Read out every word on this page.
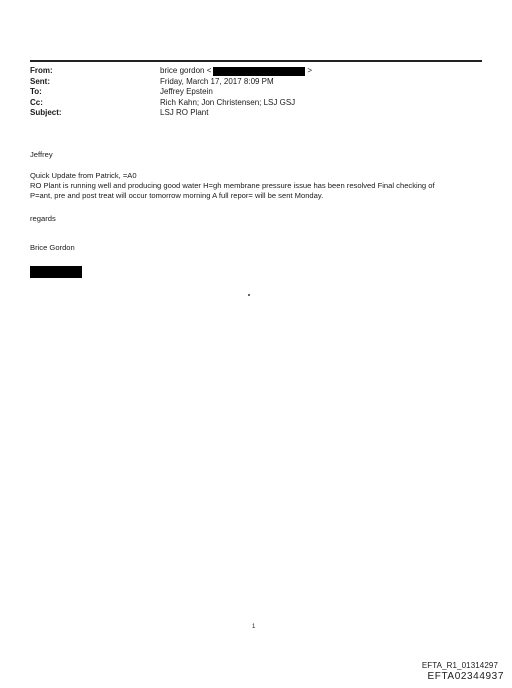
From:	brice gordon <	>
Sent:	Friday, March 17, 2017 8:09 PM
To:	Jeffrey Epstein
Cc:	Rich Kahn; Jon Christensen; LSJ GSJ
Subject:	LSJ RO Plant

Jeffrey

Quick Update from Patrick, =A0

RO Plant is running well and producing good water H=gh membrane pressure issue has been resolved Final checking of

P=ant, pre and post treat will occur tomorrow morning A full repor= will be sent Monday.

regards

Brice Gordon

1
EFTA_R1_01314297
EFTA02344937
